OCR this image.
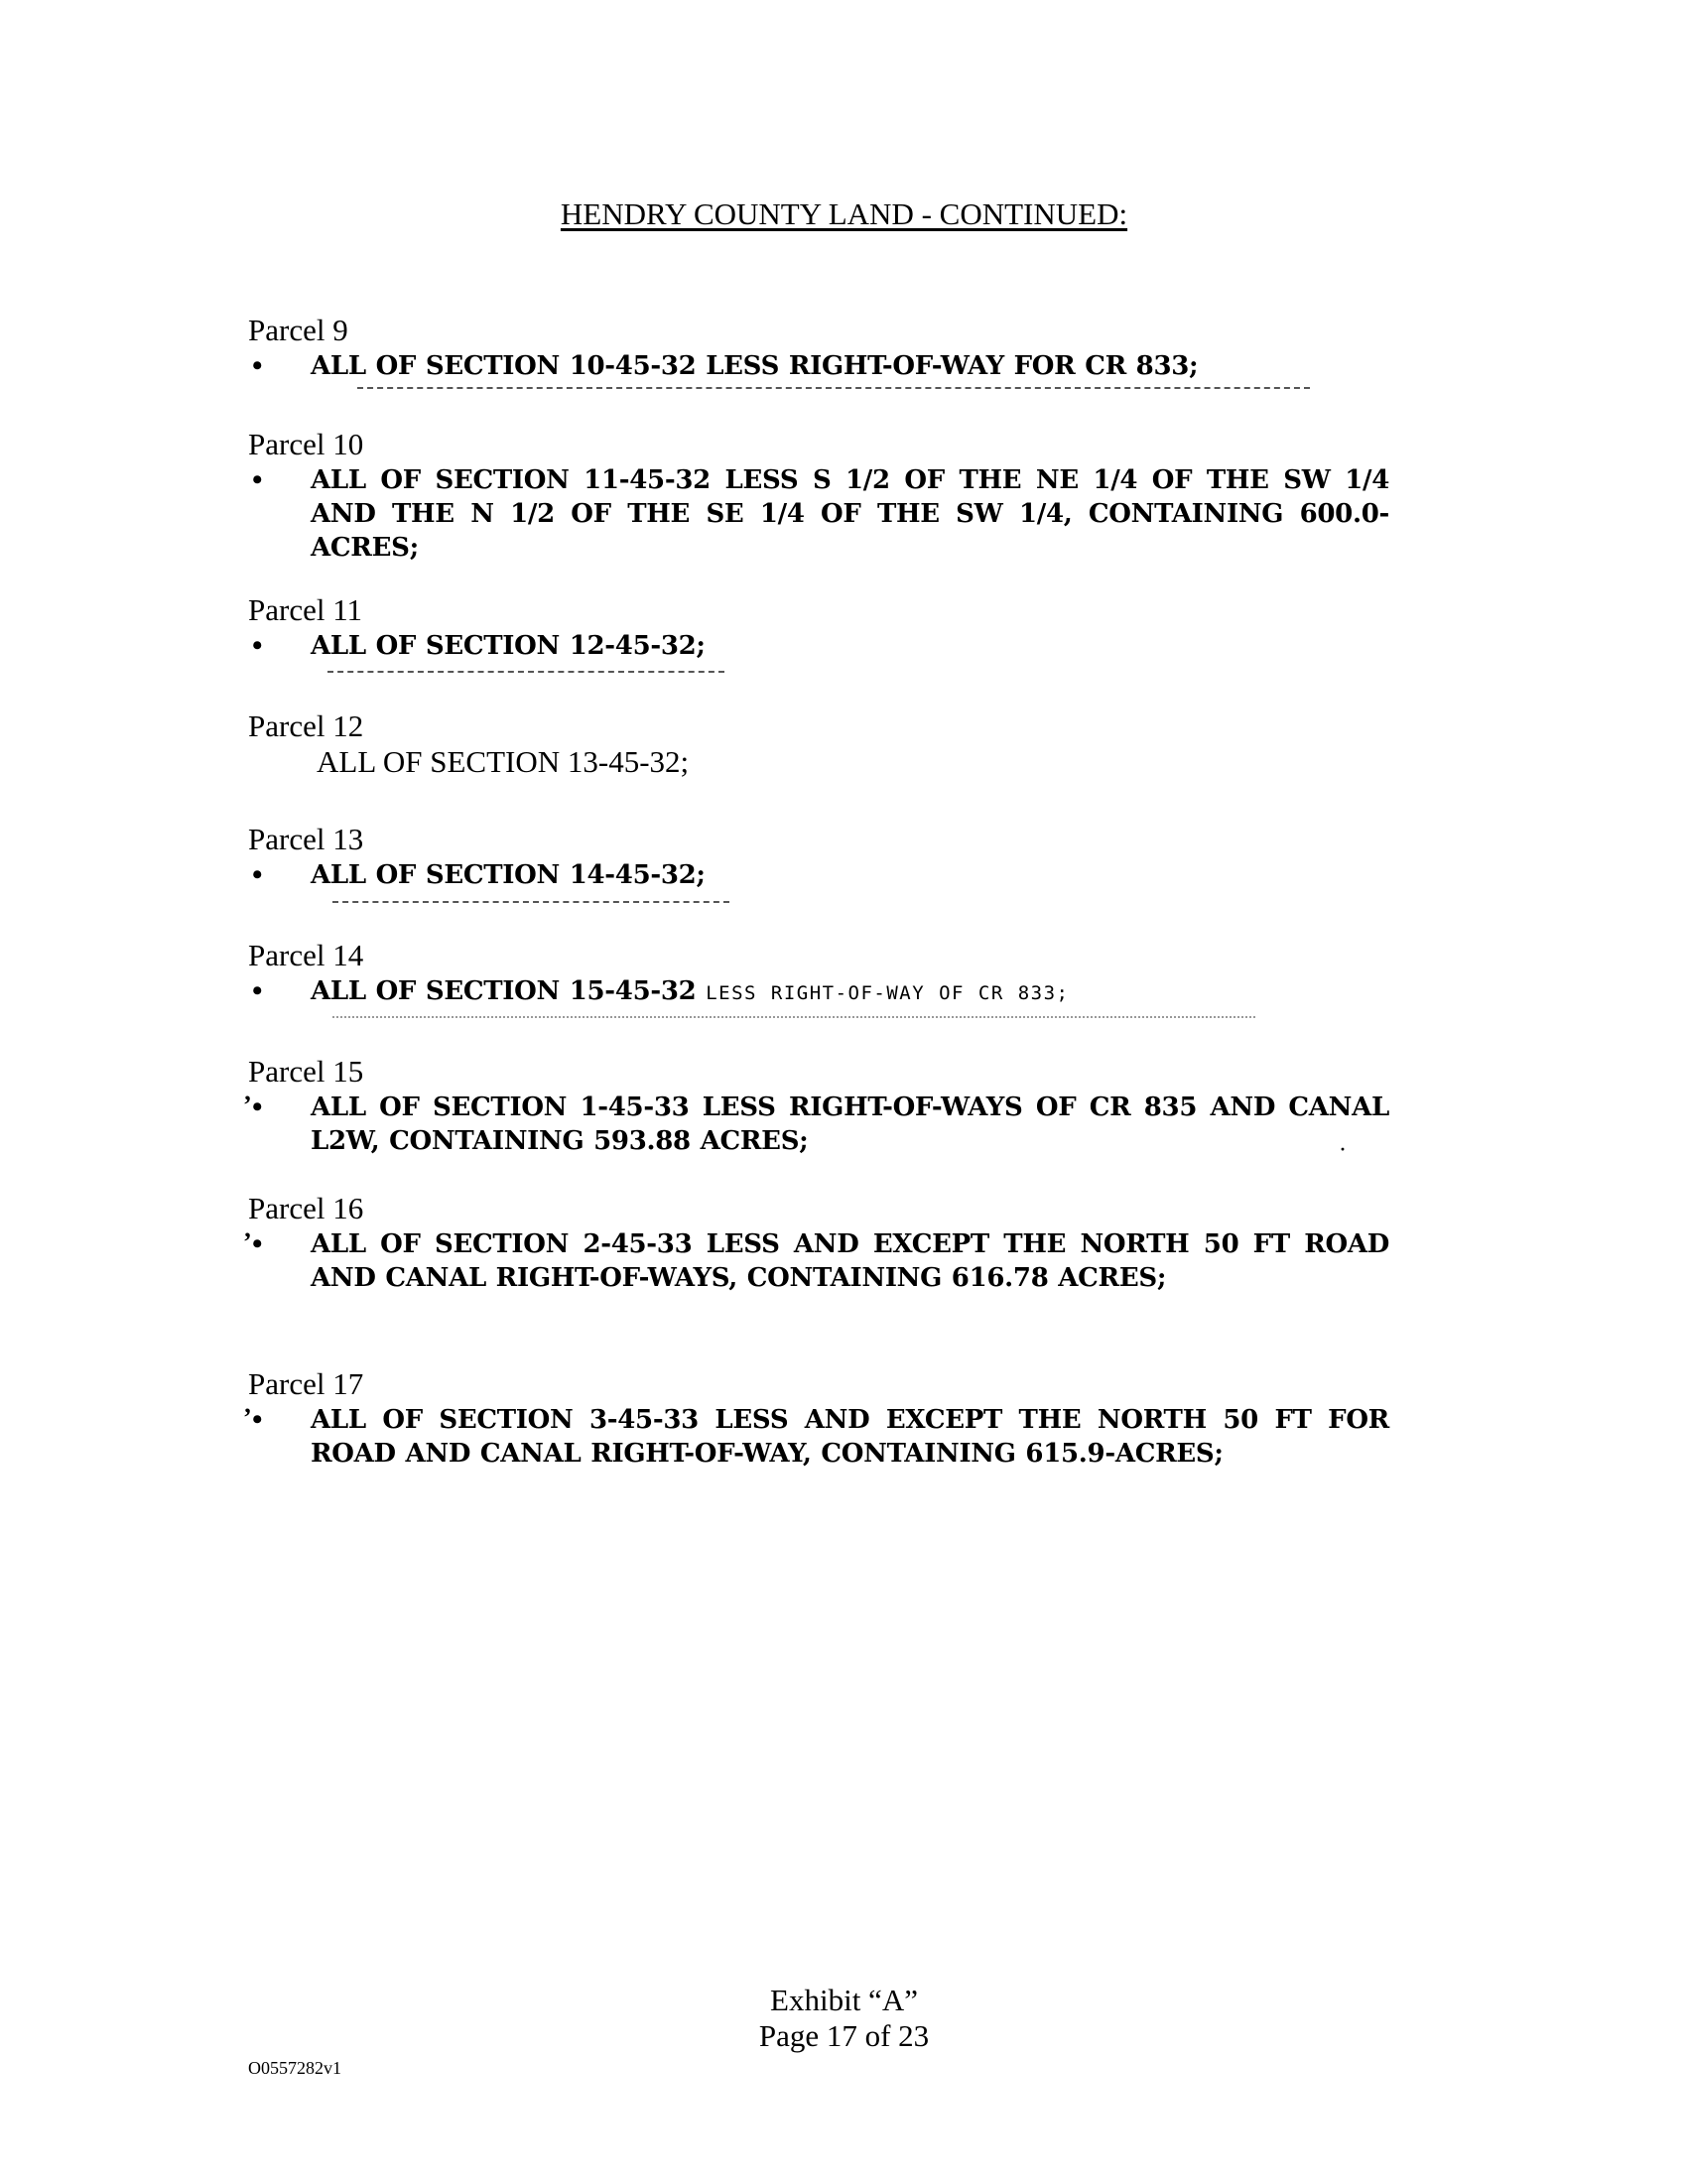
HENDRY COUNTY LAND - CONTINUED:
Parcel 9
• ALL OF SECTION 10-45-32 LESS RIGHT-OF-WAY FOR CR 833;

Parcel 10
• ALL OF SECTION 11-45-32 LESS S 1/2 OF THE NE 1/4 OF THE SW 1/4 AND THE N 1/2 OF THE SE 1/4 OF THE SW 1/4, CONTAINING 600.0-ACRES;

Parcel 11
• ALL OF SECTION 12-45-32;

Parcel 12

ALL OF SECTION 13-45-32;

Parcel 13
• ALL OF SECTION 14-45-32;

Parcel 14
• ALL OF SECTION 15-45-32 LESS RIGHT-OF-WAY OF CR 833;

Parcel 15
’ • ALL OF SECTION 1-45-33 LESS RIGHT-OF-WAYS OF CR 835 AND CANAL L2W, CONTAINING 593.88 ACRES;	·
Parcel 16
’ • ALL OF SECTION 2-45-33 LESS AND EXCEPT THE NORTH 50 FT ROAD AND CANAL RIGHT-OF-WAYS, CONTAINING 616.78 ACRES;

Parcel 17
’ • ALL OF SECTION 3-45-33 LESS AND EXCEPT THE NORTH 50 FT FOR ROAD AND CANAL RIGHT-OF-WAY, CONTAINING 615.9-ACRES;

Exhibit “A”
Page 17 of 23
O0557282v1
